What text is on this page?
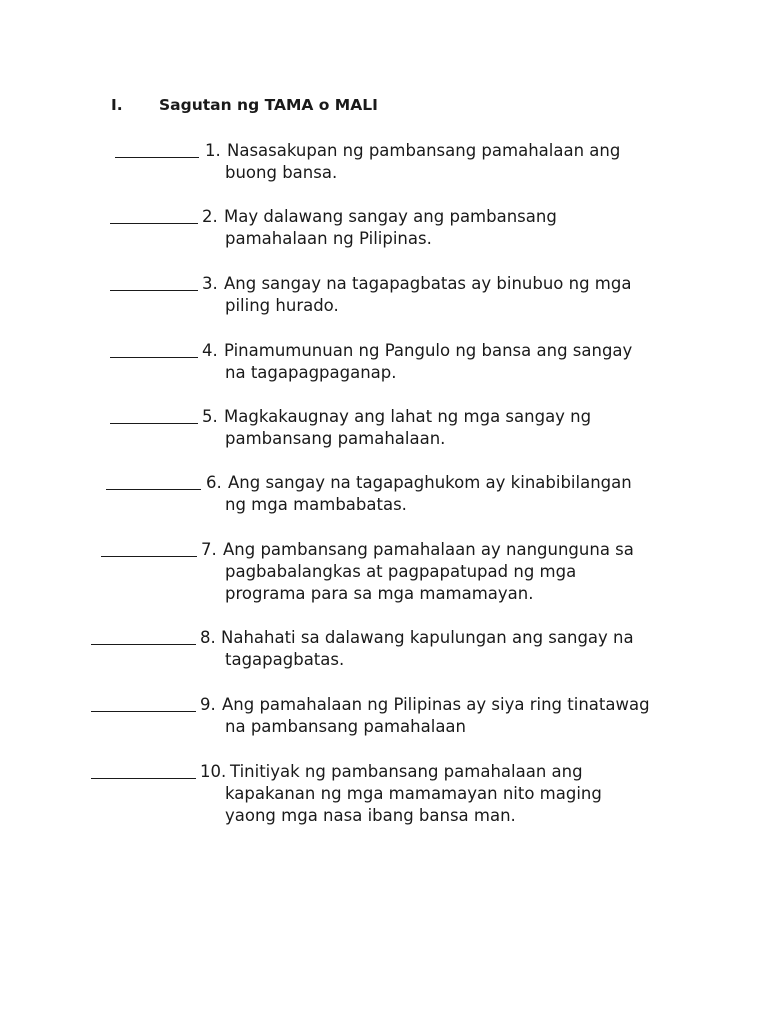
I. Sagutan ng TAMA o MALI
1. Nasasakupan ng pambansang pamahalaan ang
buong bansa.
2. May dalawang sangay ang pambansang
pamahalaan ng Pilipinas.
3. Ang sangay na tagapagbatas ay binubuo ng mga
piling hurado.
4. Pinamumunuan ng Pangulo ng bansa ang sangay
na tagapagpaganap.
5. Magkakaugnay ang lahat ng mga sangay ng
pambansang pamahalaan.
6. Ang sangay na tagapaghukom ay kinabibilangan
ng mga mambabatas.
7. Ang pambansang pamahalaan ay nangunguna sa
pagbabalangkas at pagpapatupad ng mga
programa para sa mga mamamayan.
8. Nahahati sa dalawang kapulungan ang sangay na
tagapagbatas.
9. Ang pamahalaan ng Pilipinas ay siya ring tinatawag
na pambansang pamahalaan
10. Tinitiyak ng pambansang pamahalaan ang
kapakanan ng mga mamamayan nito maging
yaong mga nasa ibang bansa man.
